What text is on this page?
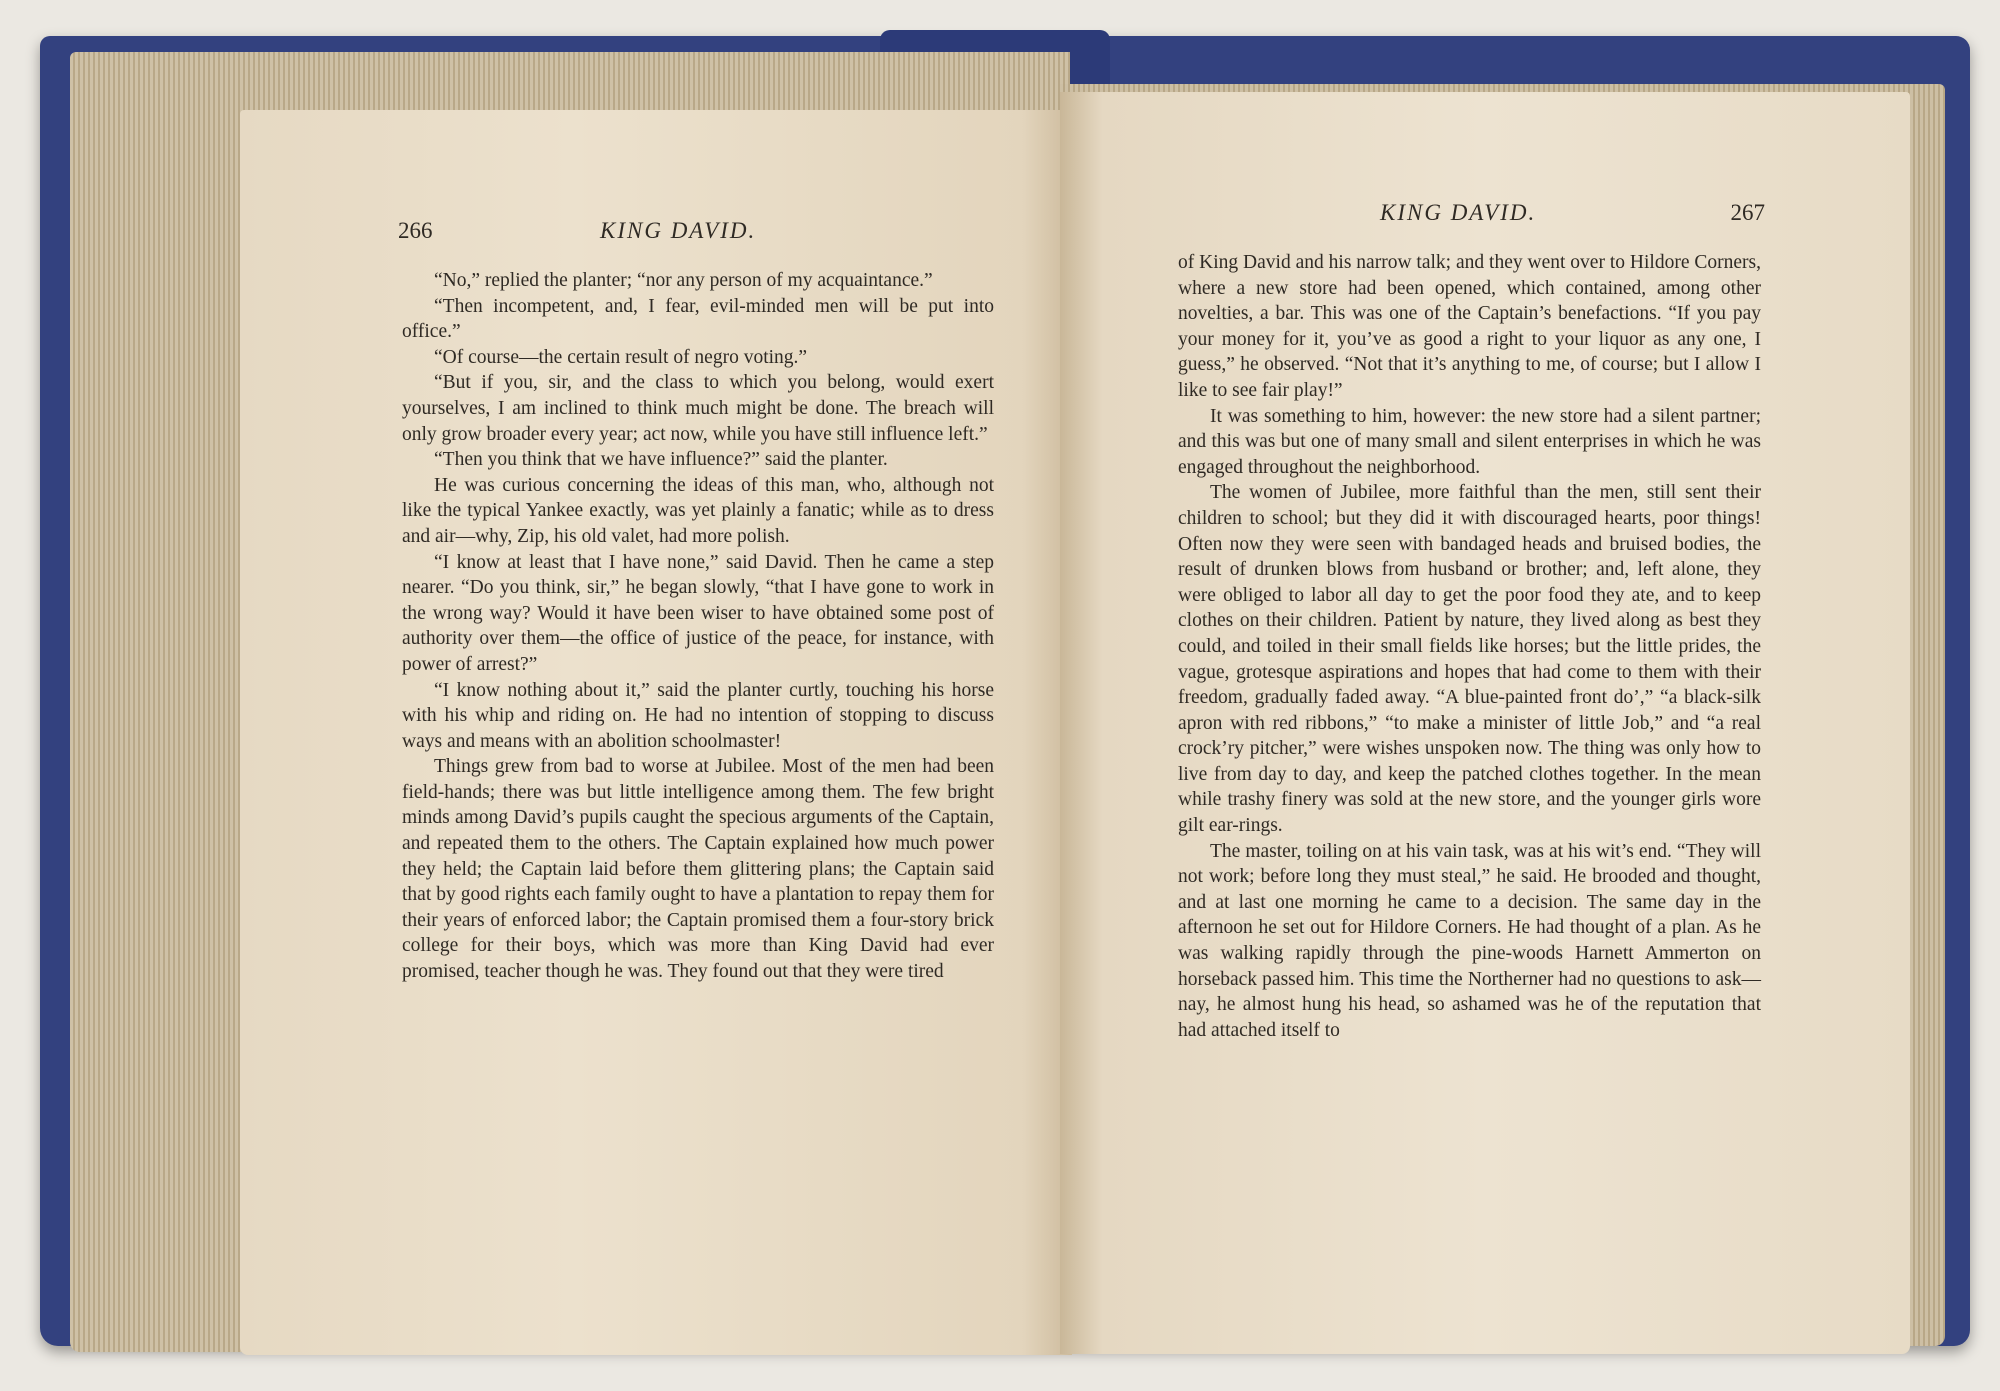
266	KING DAVID.

“No,” replied the planter; “nor any person of my acquaintance.”

“Then incompetent, and, I fear, evil-minded men will be put into office.”

“Of course—the certain result of negro voting.”

“But if you, sir, and the class to which you belong, would exert yourselves, I am inclined to think much might be done. The breach will only grow broader every year; act now, while you have still influence left.”

“Then you think that we have influence?” said the planter.

He was curious concerning the ideas of this man, who, although not like the typical Yankee exactly, was yet plainly a fanatic; while as to dress and air—why, Zip, his old valet, had more polish.

“I know at least that I have none,” said David. Then he came a step nearer. “Do you think, sir,” he began slowly, “that I have gone to work in the wrong way? Would it have been wiser to have obtained some post of authority over them—the office of justice of the peace, for instance, with power of arrest?”

“I know nothing about it,” said the planter curtly, touching his horse with his whip and riding on. He had no intention of stopping to discuss ways and means with an abolition schoolmaster!

Things grew from bad to worse at Jubilee. Most of the men had been field-hands; there was but little intelligence among them. The few bright minds among David’s pupils caught the specious arguments of the Captain, and repeated them to the others. The Captain explained how much power they held; the Captain laid before them glittering plans; the Captain said that by good rights each family ought to have a plantation to repay them for their years of enforced labor; the Captain promised them a four-story brick college for their boys, which was more than King David had ever promised, teacher though he was. They found out that they were tired

KING DAVID.	267

of King David and his narrow talk; and they went over to Hildore Corners, where a new store had been opened, which contained, among other novelties, a bar. This was one of the Captain’s benefactions. “If you pay your money for it, you’ve as good a right to your liquor as any one, I guess,” he observed. “Not that it’s anything to me, of course; but I allow I like to see fair play!”

It was something to him, however: the new store had a silent partner; and this was but one of many small and silent enterprises in which he was engaged throughout the neighborhood.

The women of Jubilee, more faithful than the men, still sent their children to school; but they did it with discouraged hearts, poor things! Often now they were seen with bandaged heads and bruised bodies, the result of drunken blows from husband or brother; and, left alone, they were obliged to labor all day to get the poor food they ate, and to keep clothes on their children. Patient by nature, they lived along as best they could, and toiled in their small fields like horses; but the little prides, the vague, grotesque aspirations and hopes that had come to them with their freedom, gradually faded away. “A blue-painted front do’,” “a black-silk apron with red ribbons,” “to make a minister of little Job,” and “a real crock’ry pitcher,” were wishes unspoken now. The thing was only how to live from day to day, and keep the patched clothes together. In the mean while trashy finery was sold at the new store, and the younger girls wore gilt ear-rings.

The master, toiling on at his vain task, was at his wit’s end. “They will not work; before long they must steal,” he said. He brooded and thought, and at last one morning he came to a decision. The same day in the afternoon he set out for Hildore Corners. He had thought of a plan. As he was walking rapidly through the pine-woods Harnett Ammerton on horseback passed him. This time the Northerner had no questions to ask—nay, he almost hung his head, so ashamed was he of the reputation that had attached itself to
